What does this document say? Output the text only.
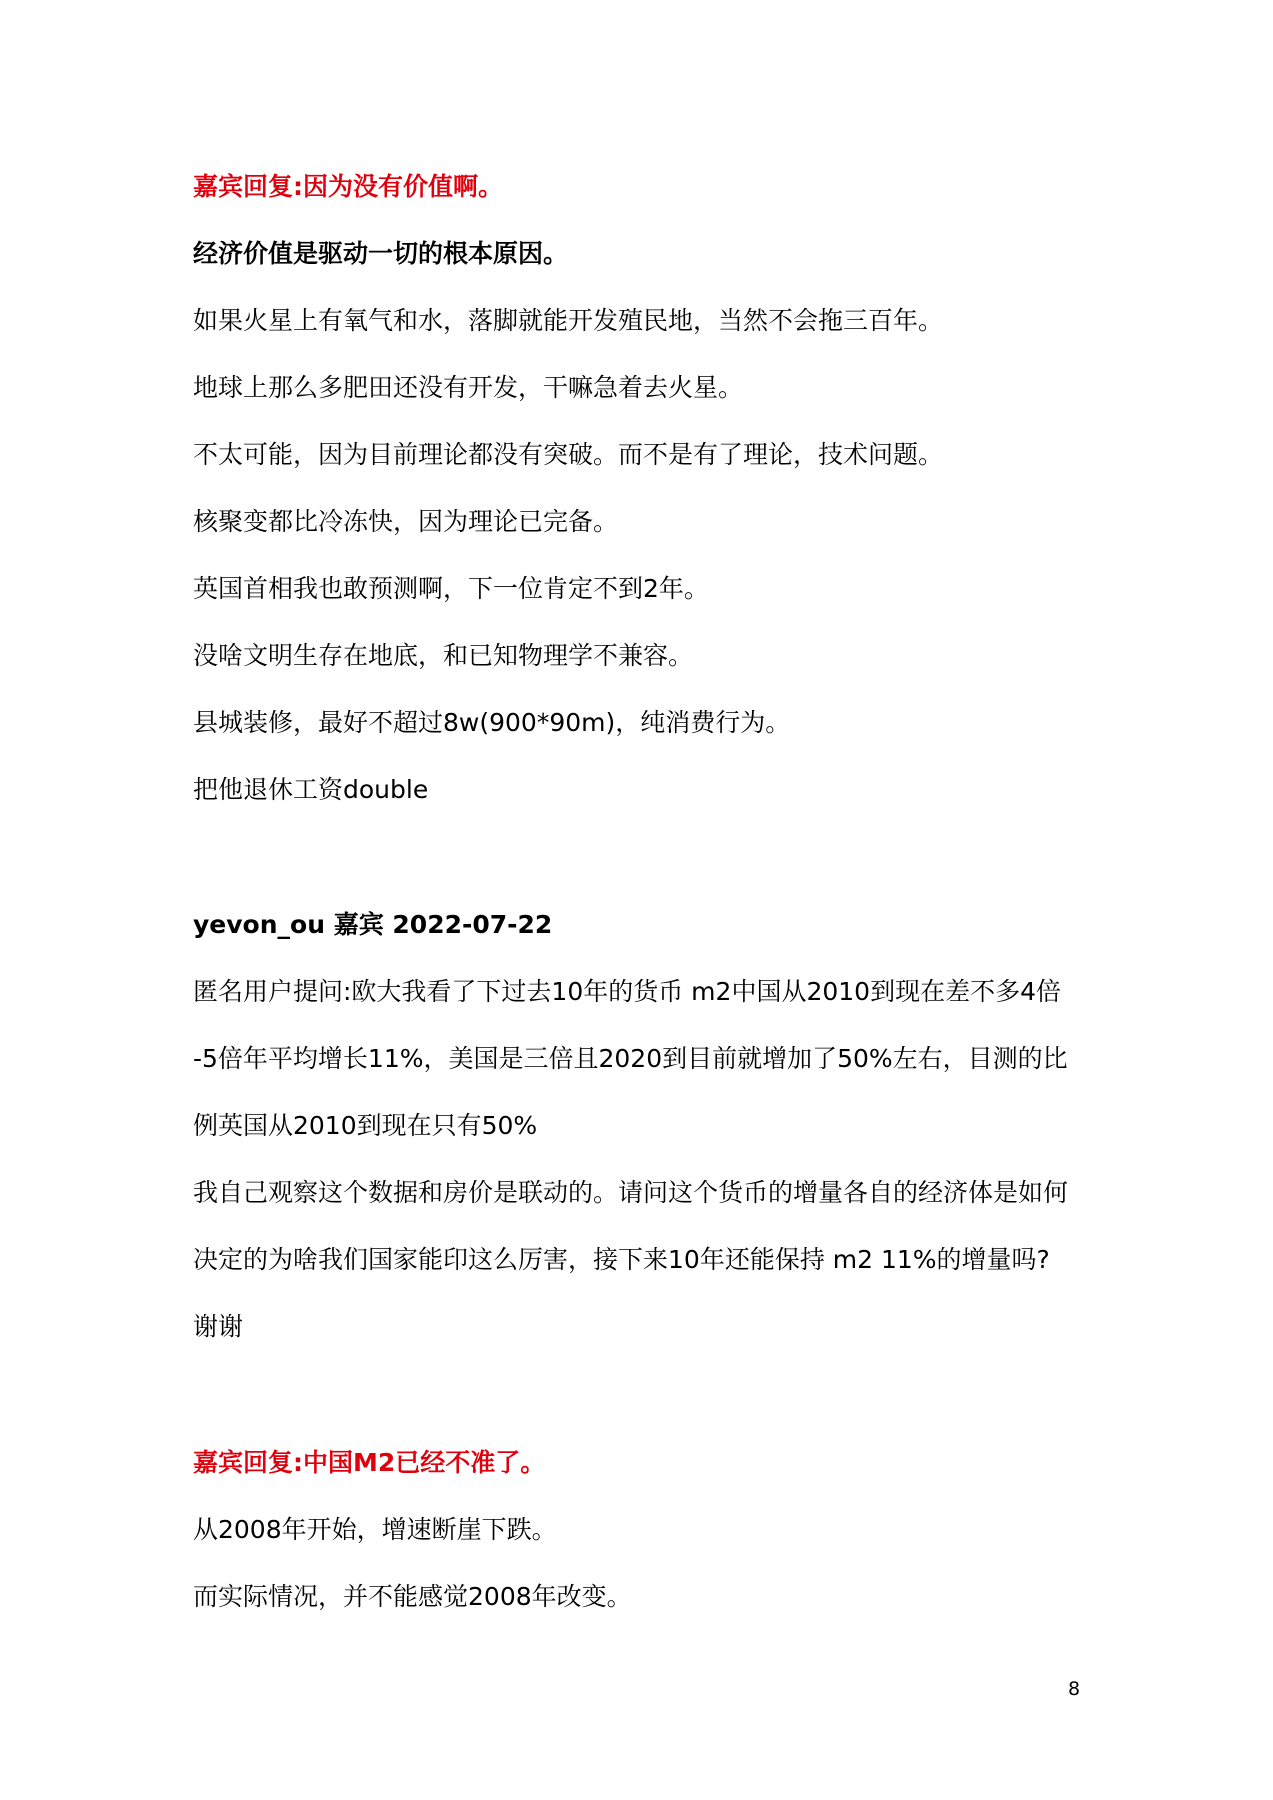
嘉宾回复:因为没有价值啊。
经济价值是驱动一切的根本原因。
如果火星上有氧气和水，落脚就能开发殖民地，当然不会拖三百年。
地球上那么多肥田还没有开发，干嘛急着去火星。
不太可能，因为目前理论都没有突破。而不是有了理论，技术问题。
核聚变都比冷冻快，因为理论已完备。
英国首相我也敢预测啊，下一位肯定不到2年。
没啥文明生存在地底，和已知物理学不兼容。
县城装修，最好不超过8w(900*90m)，纯消费行为。
把他退休工资double
yevon_ou 嘉宾 2022-07-22
匿名用户提问:欧大我看了下过去10年的货币 m2中国从2010到现在差不多4倍
-5倍年平均增长11%，美国是三倍且2020到目前就增加了50%左右，目测的比
例英国从2010到现在只有50%
我自己观察这个数据和房价是联动的。请问这个货币的增量各自的经济体是如何
决定的为啥我们国家能印这么厉害，接下来10年还能保持 m2 11%的增量吗?
谢谢
嘉宾回复:中国M2已经不准了。
从2008年开始，增速断崖下跌。
而实际情况，并不能感觉2008年改变。
8
